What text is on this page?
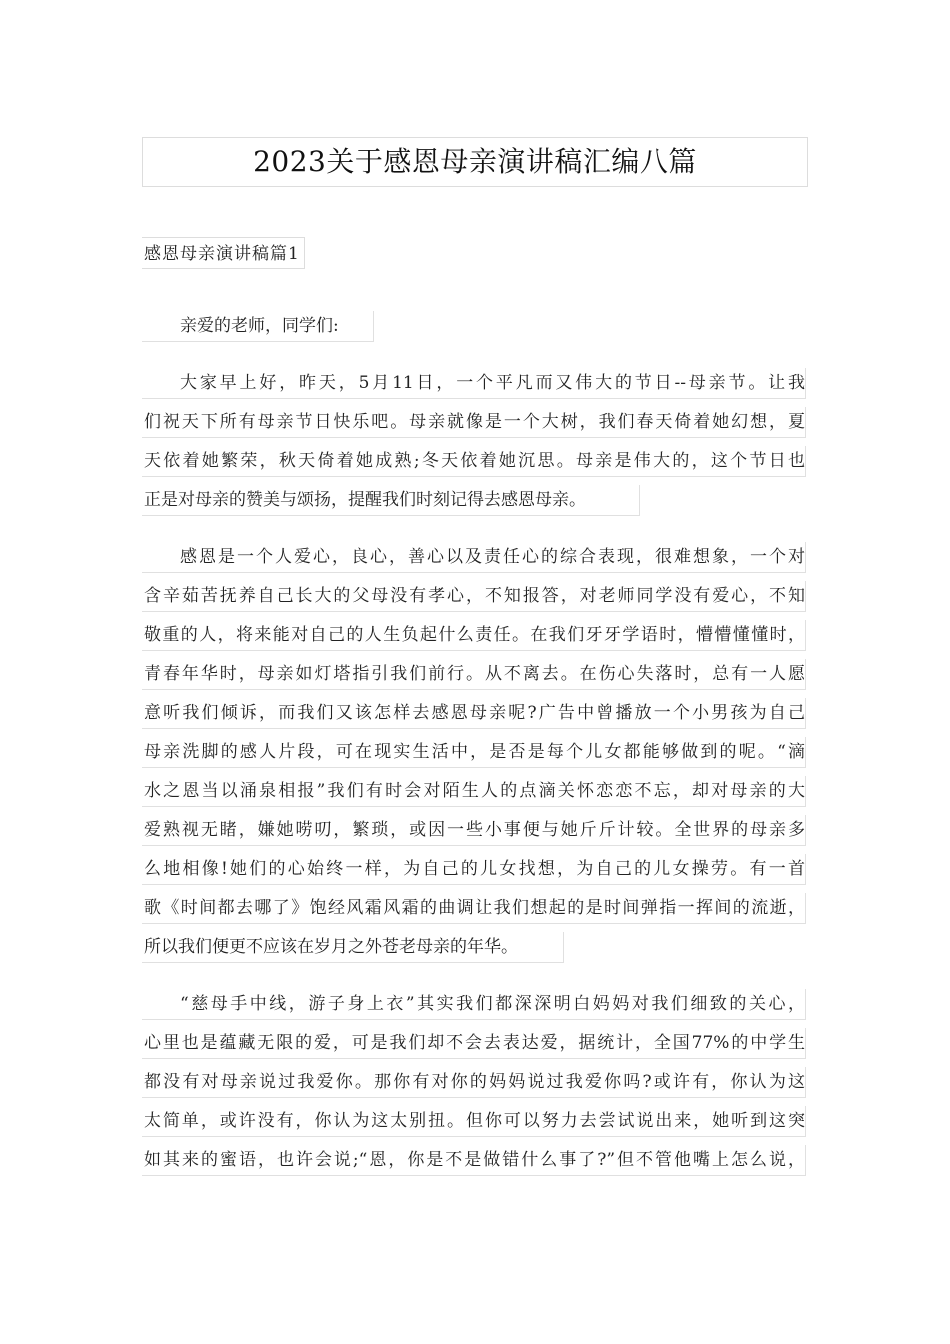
2023关于感恩母亲演讲稿汇编八篇
感恩母亲演讲稿篇1
亲爱的老师，同学们:
大家早上好，昨天，5月11日，一个平凡而又伟大的节日--母亲节。让我
们祝天下所有母亲节日快乐吧。母亲就像是一个大树，我们春天倚着她幻想，夏
天依着她繁荣，秋天倚着她成熟;冬天依着她沉思。母亲是伟大的，这个节日也
正是对母亲的赞美与颂扬，提醒我们时刻记得去感恩母亲。
感恩是一个人爱心，良心，善心以及责任心的综合表现，很难想象，一个对
含辛茹苦抚养自己长大的父母没有孝心，不知报答，对老师同学没有爱心，不知
敬重的人，将来能对自己的人生负起什么责任。在我们牙牙学语时，懵懵懂懂时，
青春年华时，母亲如灯塔指引我们前行。从不离去。在伤心失落时，总有一人愿
意听我们倾诉，而我们又该怎样去感恩母亲呢?广告中曾播放一个小男孩为自己
母亲洗脚的感人片段，可在现实生活中，是否是每个儿女都能够做到的呢。“滴
水之恩当以涌泉相报”我们有时会对陌生人的点滴关怀恋恋不忘，却对母亲的大
爱熟视无睹，嫌她唠叨，繁琐，或因一些小事便与她斤斤计较。全世界的母亲多
么地相像!她们的心始终一样，为自己的儿女找想，为自己的儿女操劳。有一首
歌《时间都去哪了》饱经风霜风霜的曲调让我们想起的是时间弹指一挥间的流逝，
所以我们便更不应该在岁月之外苍老母亲的年华。
“慈母手中线，游子身上衣”其实我们都深深明白妈妈对我们细致的关心，
心里也是蕴藏无限的爱，可是我们却不会去表达爱，据统计，全国77%的中学生
都没有对母亲说过我爱你。那你有对你的妈妈说过我爱你吗?或许有，你认为这
太简单，或许没有，你认为这太别扭。但你可以努力去尝试说出来，她听到这突
如其来的蜜语，也许会说;“恩，你是不是做错什么事了?”但不管他嘴上怎么说，
